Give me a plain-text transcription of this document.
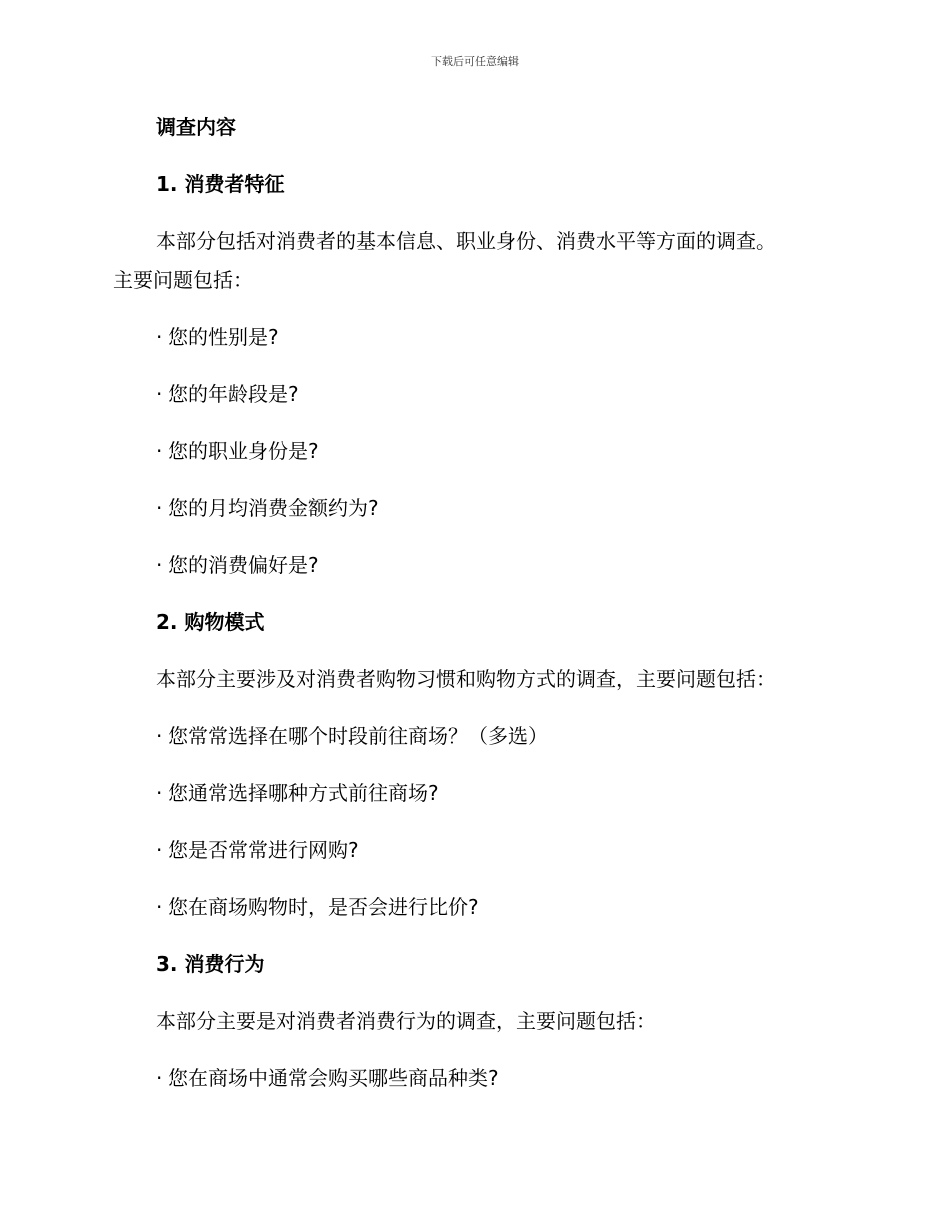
下载后可任意编辑

调查内容

1. 消费者特征

本部分包括对消费者的基本信息、职业身份、消费水平等方面的调查。
主要问题包括：

· 您的性别是?

· 您的年龄段是?

· 您的职业身份是?

· 您的月均消费金额约为?

· 您的消费偏好是?

2. 购物模式

本部分主要涉及对消费者购物习惯和购物方式的调查，主要问题包括：

· 您常常选择在哪个时段前往商场？（多选）

· 您通常选择哪种方式前往商场?

· 您是否常常进行网购?

· 您在商场购物时，是否会进行比价?

3. 消费行为

本部分主要是对消费者消费行为的调查，主要问题包括：

· 您在商场中通常会购买哪些商品种类?
